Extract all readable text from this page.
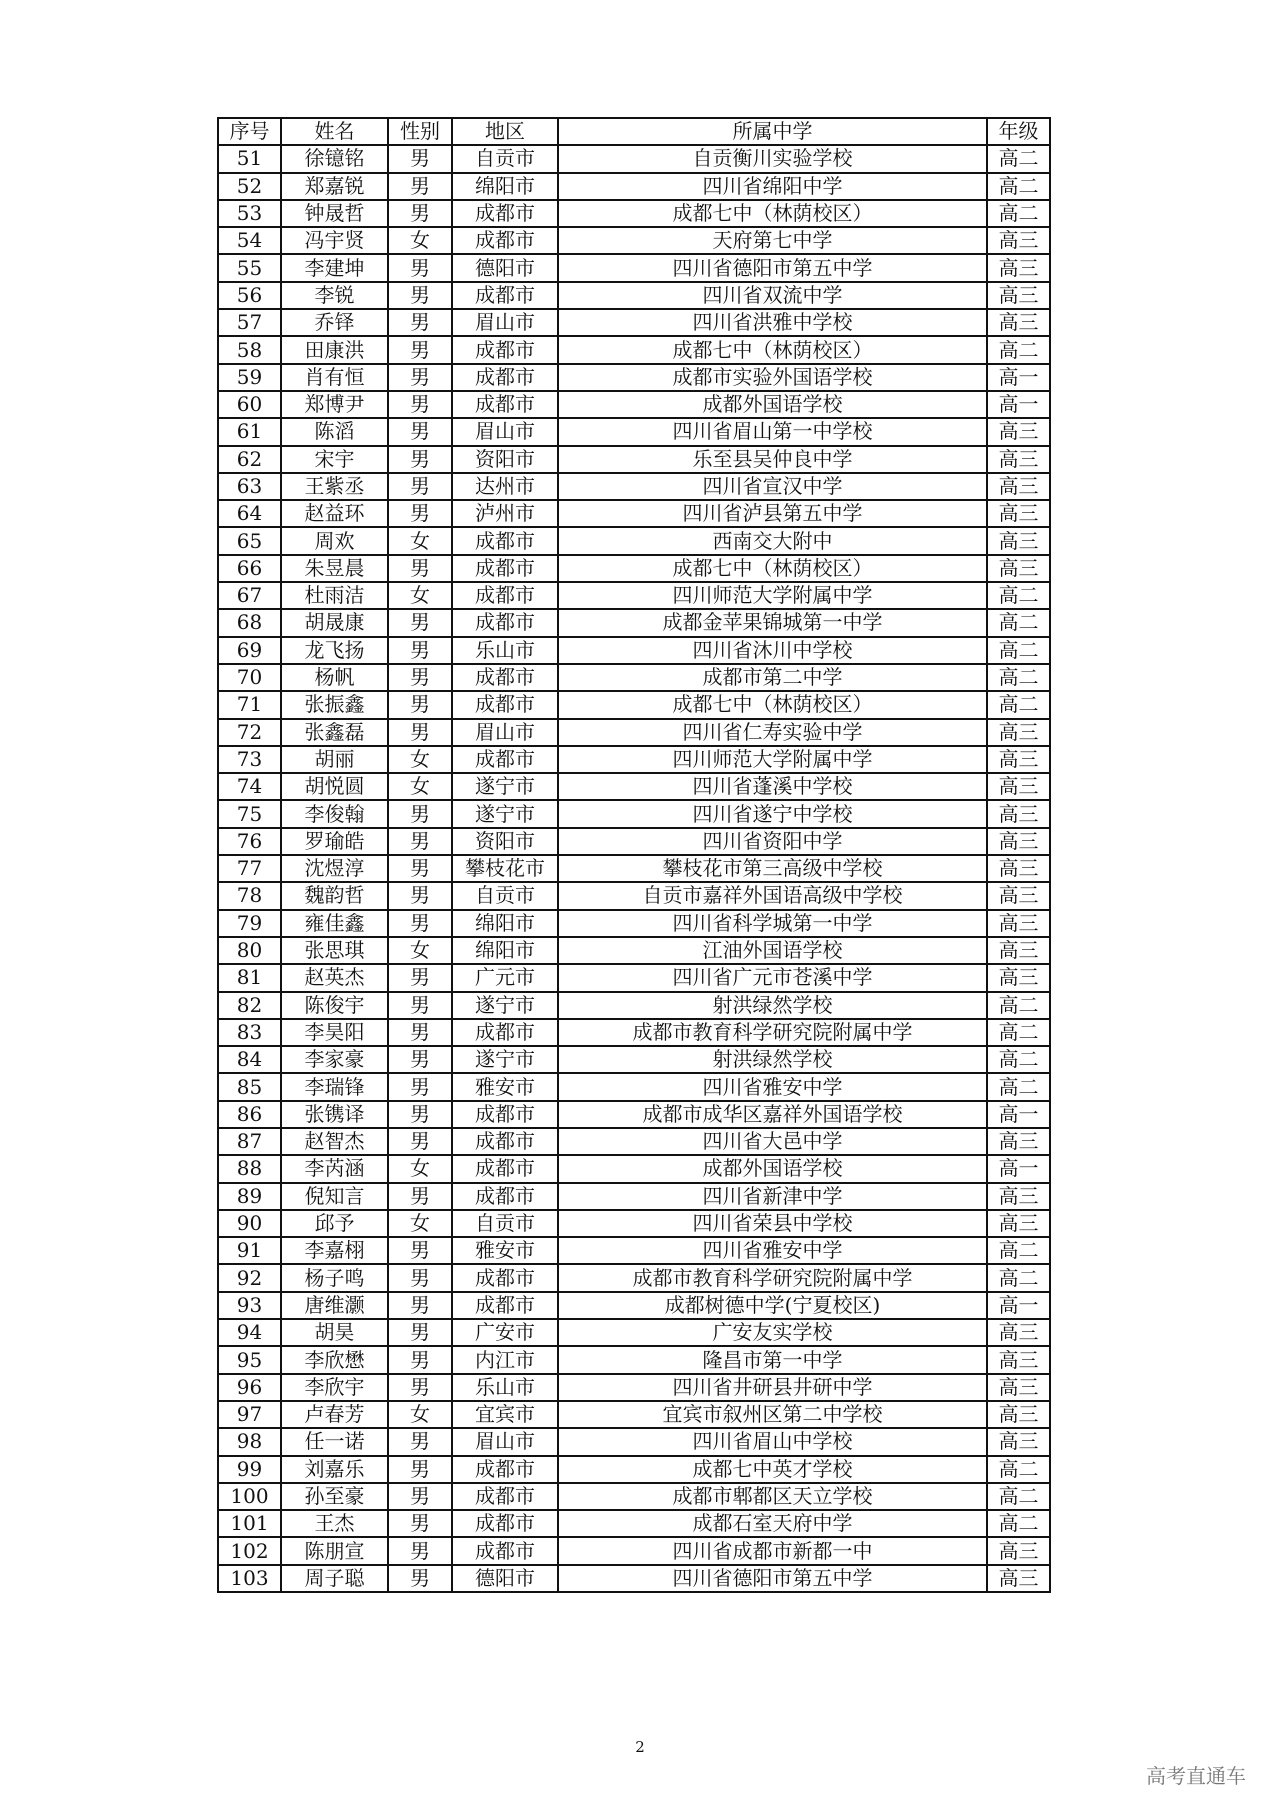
序号	姓名	性别	地区	所属中学	年级
51	徐镱铭	男	自贡市	自贡衡川实验学校	高二
52	郑嘉锐	男	绵阳市	四川省绵阳中学	高二
53	钟晟哲	男	成都市	成都七中（林荫校区）	高二
54	冯宇贤	女	成都市	天府第七中学	高三
55	李建坤	男	德阳市	四川省德阳市第五中学	高三
56	李锐	男	成都市	四川省双流中学	高三
57	乔铎	男	眉山市	四川省洪雅中学校	高三
58	田康洪	男	成都市	成都七中（林荫校区）	高二
59	肖有恒	男	成都市	成都市实验外国语学校	高一
60	郑博尹	男	成都市	成都外国语学校	高一
61	陈滔	男	眉山市	四川省眉山第一中学校	高三
62	宋宇	男	资阳市	乐至县吴仲良中学	高三
63	王紫丞	男	达州市	四川省宣汉中学	高三
64	赵益环	男	泸州市	四川省泸县第五中学	高三
65	周欢	女	成都市	西南交大附中	高三
66	朱昱晨	男	成都市	成都七中（林荫校区）	高三
67	杜雨洁	女	成都市	四川师范大学附属中学	高二
68	胡晟康	男	成都市	成都金苹果锦城第一中学	高二
69	龙飞扬	男	乐山市	四川省沐川中学校	高二
70	杨帆	男	成都市	成都市第二中学	高二
71	张振鑫	男	成都市	成都七中（林荫校区）	高二
72	张鑫磊	男	眉山市	四川省仁寿实验中学	高三
73	胡丽	女	成都市	四川师范大学附属中学	高三
74	胡悦圆	女	遂宁市	四川省蓬溪中学校	高三
75	李俊翰	男	遂宁市	四川省遂宁中学校	高三
76	罗瑜皓	男	资阳市	四川省资阳中学	高三
77	沈煜淳	男	攀枝花市	攀枝花市第三高级中学校	高三
78	魏韵哲	男	自贡市	自贡市嘉祥外国语高级中学校	高三
79	雍佳鑫	男	绵阳市	四川省科学城第一中学	高三
80	张思琪	女	绵阳市	江油外国语学校	高三
81	赵英杰	男	广元市	四川省广元市苍溪中学	高三
82	陈俊宇	男	遂宁市	射洪绿然学校	高二
83	李昊阳	男	成都市	成都市教育科学研究院附属中学	高二
84	李家豪	男	遂宁市	射洪绿然学校	高二
85	李瑞锋	男	雅安市	四川省雅安中学	高二
86	张镌译	男	成都市	成都市成华区嘉祥外国语学校	高一
87	赵智杰	男	成都市	四川省大邑中学	高三
88	李芮涵	女	成都市	成都外国语学校	高一
89	倪知言	男	成都市	四川省新津中学	高三
90	邱予	女	自贡市	四川省荣县中学校	高三
91	李嘉栩	男	雅安市	四川省雅安中学	高二
92	杨子鸣	男	成都市	成都市教育科学研究院附属中学	高二
93	唐维灏	男	成都市	成都树德中学(宁夏校区)	高一
94	胡昊	男	广安市	广安友实学校	高三
95	李欣懋	男	内江市	隆昌市第一中学	高三
96	李欣宇	男	乐山市	四川省井研县井研中学	高三
97	卢春芳	女	宜宾市	宜宾市叙州区第二中学校	高三
98	任一诺	男	眉山市	四川省眉山中学校	高三
99	刘嘉乐	男	成都市	成都七中英才学校	高二
100	孙至豪	男	成都市	成都市郫都区天立学校	高二
101	王杰	男	成都市	成都石室天府中学	高二
102	陈朋宣	男	成都市	四川省成都市新都一中	高三
103	周子聪	男	德阳市	四川省德阳市第五中学	高三
2
高考直通车
